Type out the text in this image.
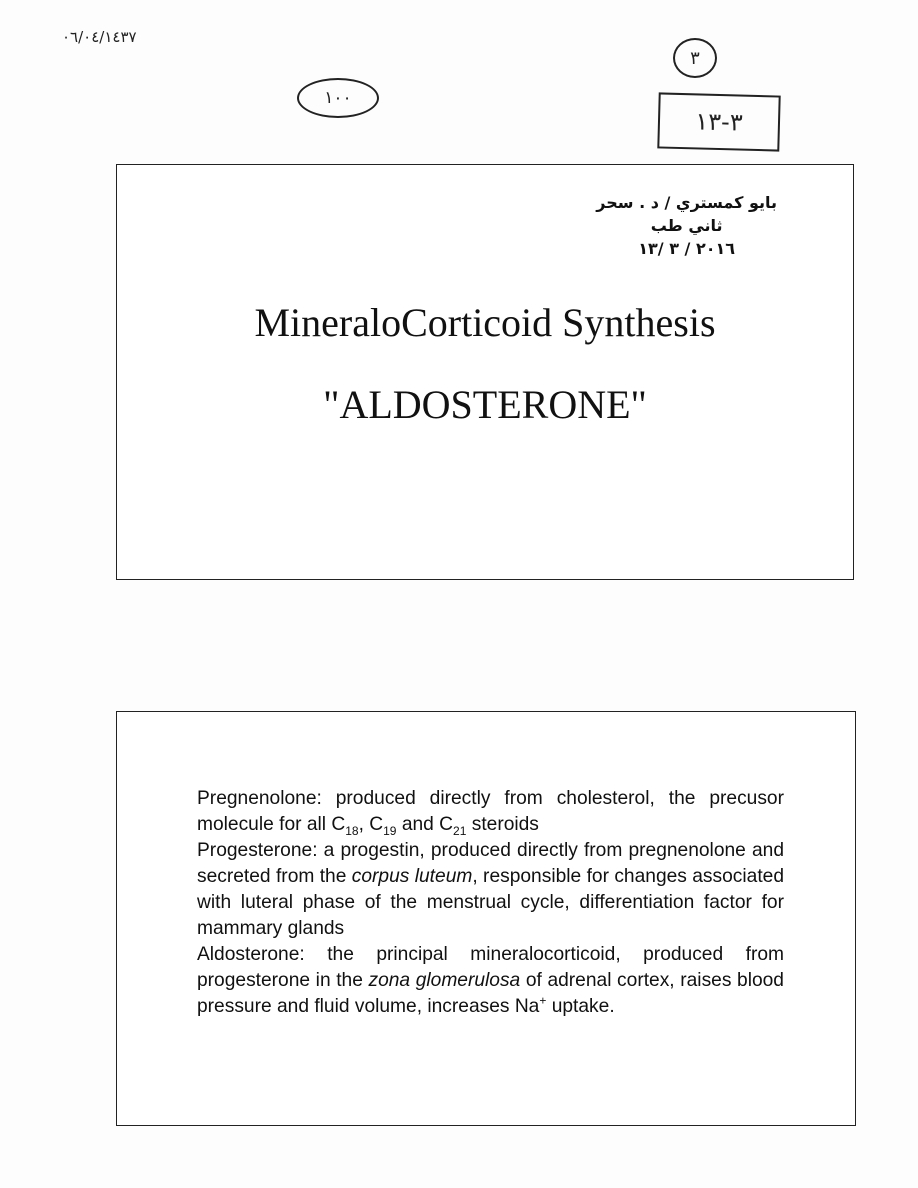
٠٦/٠٤/١٤٣٧
٣
١٠٠
٣-١٣
بايو كمستري / د . سحر
ثاني طب
٢٠١٦ / ٣ /١٣
MineraloCorticoid Synthesis
"ALDOSTERONE"

Pregnenolone: produced directly from cholesterol, the precusor molecule for all $C_{18}$, $C_{19}$ and $C_{21}$ steroids

Progesterone: a progestin, produced directly from pregnenolone and secreted from the corpus luteum, responsible for changes associated with luteral phase of the menstrual cycle, differentiation factor for mammary glands

Aldosterone: the principal mineralocorticoid, produced from progesterone in the zona glomerulosa of adrenal cortex, raises blood pressure and fluid volume, increases Na+ uptake.
